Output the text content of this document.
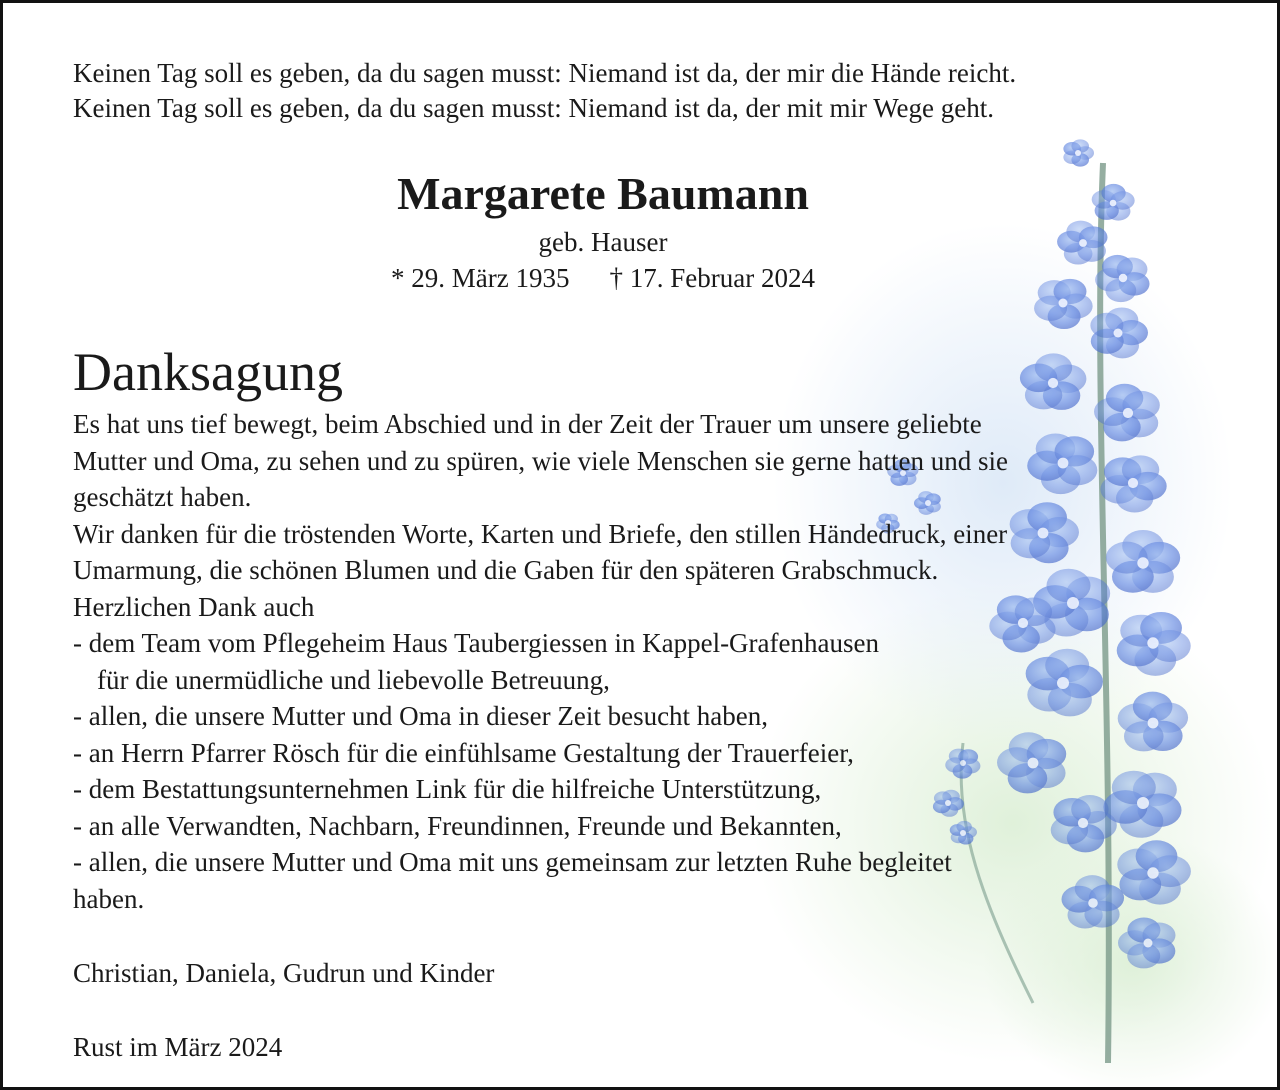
Keinen Tag soll es geben, da du sagen musst: Niemand ist da, der mir die Hände reicht.

Keinen Tag soll es geben, da du sagen musst: Niemand ist da, der mit mir Wege geht.

Margarete Baumann
geb. Hauser
* 29. März 1935 † 17. Februar 2024
Danksagung
Es hat uns tief bewegt, beim Abschied und in der Zeit der Trauer um unsere geliebte
Mutter und Oma, zu sehen und zu spüren, wie viele Menschen sie gerne hatten und sie
geschätzt haben.
Wir danken für die tröstenden Worte, Karten und Briefe, den stillen Händedruck, einer
Umarmung, die schönen Blumen und die Gaben für den späteren Grabschmuck.
Herzlichen Dank auch
- dem Team vom Pflegeheim Haus Taubergiessen in Kappel-Grafenhausen
für die unermüdliche und liebevolle Betreuung,
- allen, die unsere Mutter und Oma in dieser Zeit besucht haben,
- an Herrn Pfarrer Rösch für die einfühlsame Gestaltung der Trauerfeier,
- dem Bestattungsunternehmen Link für die hilfreiche Unterstützung,
- an alle Verwandten, Nachbarn, Freundinnen, Freunde und Bekannten,
- allen, die unsere Mutter und Oma mit uns gemeinsam zur letzten Ruhe begleitet
haben.
Christian, Daniela, Gudrun und Kinder
Rust im März 2024
